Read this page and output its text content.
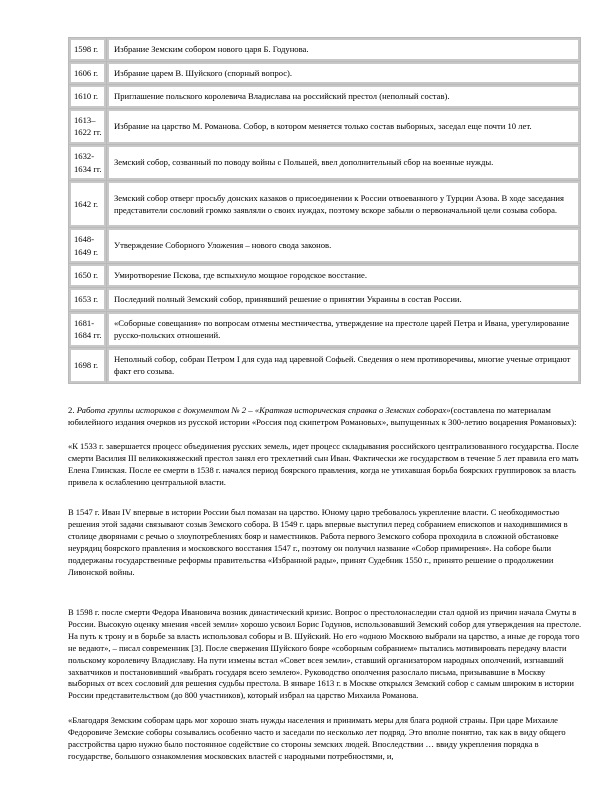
1598 г.	Избрание Земским собором нового царя Б. Годунова.
1606 г.	Избрание царем В. Шуйского (спорный вопрос).
1610 г.	Приглашение польского королевича Владислава на российский престол (неполный состав).
1613– 1622 гг.	Избрание на царство М. Романова. Собор, в котором меняется только состав выборных, заседал еще почти 10 лет.
1632- 1634 гг.	Земский собор, созванный по поводу войны с Польшей, ввел дополнительный сбор на военные нужды.
1642 г.	Земский собор отверг просьбу донских казаков о присоединении к России отвоеванного у Турции Азова. В ходе заседания представители сословий громко заявляли о своих нуждах, поэтому вскоре забыли о первоначальной цели созыва собора.
1648- 1649 г.	Утверждение Соборного Уложения – нового свода законов.
1650 г.	Умиротворение Пскова, где вспыхнуло мощное городское восстание.
1653 г.	Последний полный Земский собор, принявший решение о принятии Украины в состав России.
1681- 1684 гг.	«Соборные совещания» по вопросам отмены местничества, утверждение на престоле царей Петра и Ивана, урегулирование русско-польских отношений.
1698 г.	Неполный собор, собран Петром I для суда над царевной Софьей. Сведения о нем противоречивы, многие ученые отрицают факт его созыва.
2. Работа группы историков с документом № 2 – «Краткая историческая справка о Земских соборах»(составлена по материалам юбилейного издания очерков из русской истории «Россия под скипетром Романовых», выпущенных к 300-летию воцарения Романовых):

«К 1533 г. завершается процесс объединения русских земель, идет процесс складывания российского централизованного государства. После смерти Василия III великокняжеский престол занял его трехлетний сын Иван. Фактически же государством в течение 5 лет правила его мать Елена Глинская. После ее смерти в 1538 г. начался период боярского правления, когда не утихавшая борьба боярских группировок за власть привела к ослаблению центральной власти.

В 1547 г. Иван IV впервые в истории России был помазан на царство. Юному царю требовалось укрепление власти. С необходимостью решения этой задачи связывают созыв Земского собора. В 1549 г. царь впервые выступил перед собранием епископов и находившимися в столице дворянами с речью о злоупотреблениях бояр и наместников. Работа первого Земского собора проходила в сложной обстановке неурядиц боярского правления и московского восстания 1547 г., поэтому он получил название «Собор примирения». На соборе были поддержаны государственные реформы правительства «Избранной рады», принят Судебник 1550 г., принято решение о продолжении Ливонской войны.

В 1598 г. после смерти Федора Ивановича возник династический кризис. Вопрос о престолонаследии стал одной из причин начала Смуты в России. Высокую оценку мнения «всей земли» хорошо усвоил Борис Годунов, использовавший Земский собор для утверждения на престоле. На путь к трону и в борьбе за власть использовал соборы и В. Шуйский. Но его «одною Москвою выбрали на царство, а иные де города того не ведают», – писал современник [3]. После свержения Шуйского бояре «соборным собранием» пытались мотивировать передачу власти польскому королевичу Владиславу. На пути измены встал «Совет всея земли», ставший организатором народных ополчений, изгнавший захватчиков и постановивший «выбрать государя всею землею». Руководство ополчения разослало письма, призывавшие в Москву выборных от всех сословий для решения судьбы престола. В январе 1613 г. в Москве открылся Земский собор с самым широким в истории России представительством (до 800 участников), который избрал на царство Михаила Романова.

«Благодаря Земским соборам царь мог хорошо знать нужды населения и принимать меры для блага родной страны. При царе Михаиле Федоровиче Земские соборы созывались особенно часто и заседали по несколько лет подряд. Это вполне понятно, так как в виду общего расстройства царю нужно было постоянное содействие со стороны земских людей. Впоследствии … ввиду укрепления порядка в государстве, большого ознакомления московских властей с народными потребностями, и,
